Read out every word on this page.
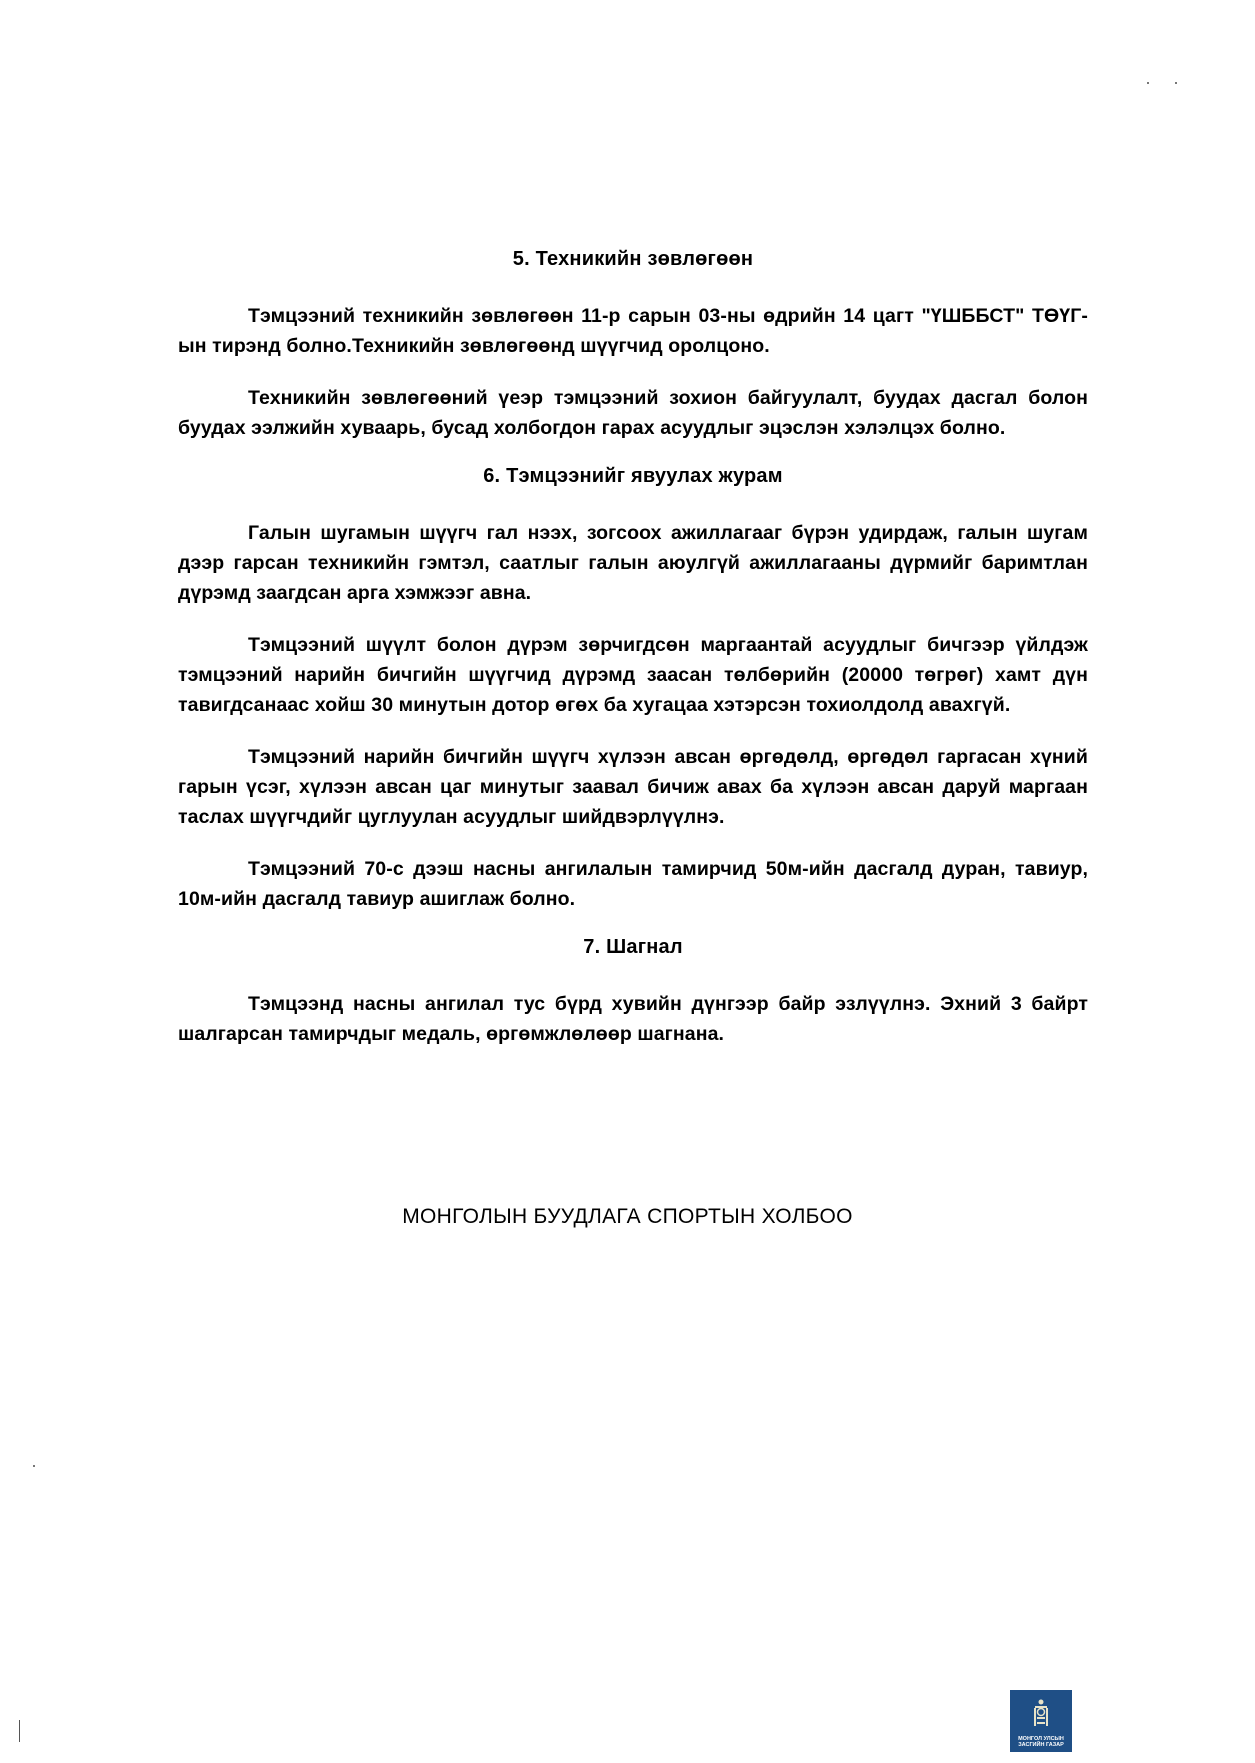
5. Техникийн зөвлөгөөн

Тэмцээний техникийн зөвлөгөөн 11-р сарын 03-ны өдрийн 14 цагт "ҮШББСТ" ТӨҮГ-ын тирэнд болно.Техникийн зөвлөгөөнд шүүгчид оролцоно.

Техникийн зөвлөгөөний үеэр тэмцээний зохион байгуулалт, буудах дасгал болон буудах ээлжийн хуваарь, бусад холбогдон гарах асуудлыг эцэслэн хэлэлцэх болно.

6. Тэмцээнийг явуулах журам

Галын шугамын шүүгч гал нээх, зогсоох ажиллагааг бүрэн удирдаж, галын шугам дээр гарсан техникийн гэмтэл, саатлыг галын аюулгүй ажиллагааны дүрмийг баримтлан дүрэмд заагдсан арга хэмжээг авна.

Тэмцээний шүүлт болон дүрэм зөрчигдсөн маргаантай асуудлыг бичгээр үйлдэж тэмцээний нарийн бичгийн шүүгчид дүрэмд заасан төлбөрийн (20000 төгрөг) хамт дүн тавигдсанаас хойш 30 минутын дотор өгөх ба хугацаа хэтэрсэн тохиолдолд авахгүй.

Тэмцээний нарийн бичгийн шүүгч хүлээн авсан өргөдөлд, өргөдөл гаргасан хүний гарын үсэг, хүлээн авсан цаг минутыг заавал бичиж авах ба хүлээн авсан даруй маргаан таслах шүүгчдийг цуглуулан асуудлыг шийдвэрлүүлнэ.

Тэмцээний 70-с дээш насны ангилалын тамирчид 50м-ийн дасгалд дуран, тавиур, 10м-ийн дасгалд тавиур ашиглаж болно.

7. Шагнал

Тэмцээнд насны ангилал тус бүрд хувийн дүнгээр байр эзлүүлнэ. Эхний 3 байрт шалгарсан тамирчдыг медаль, өргөмжлөлөөр шагнана.

МОНГОЛЫН БУУДЛАГА СПОРТЫН ХОЛБОО
МОНГОЛ УЛСЫН
ЗАСГИЙН ГАЗАР
